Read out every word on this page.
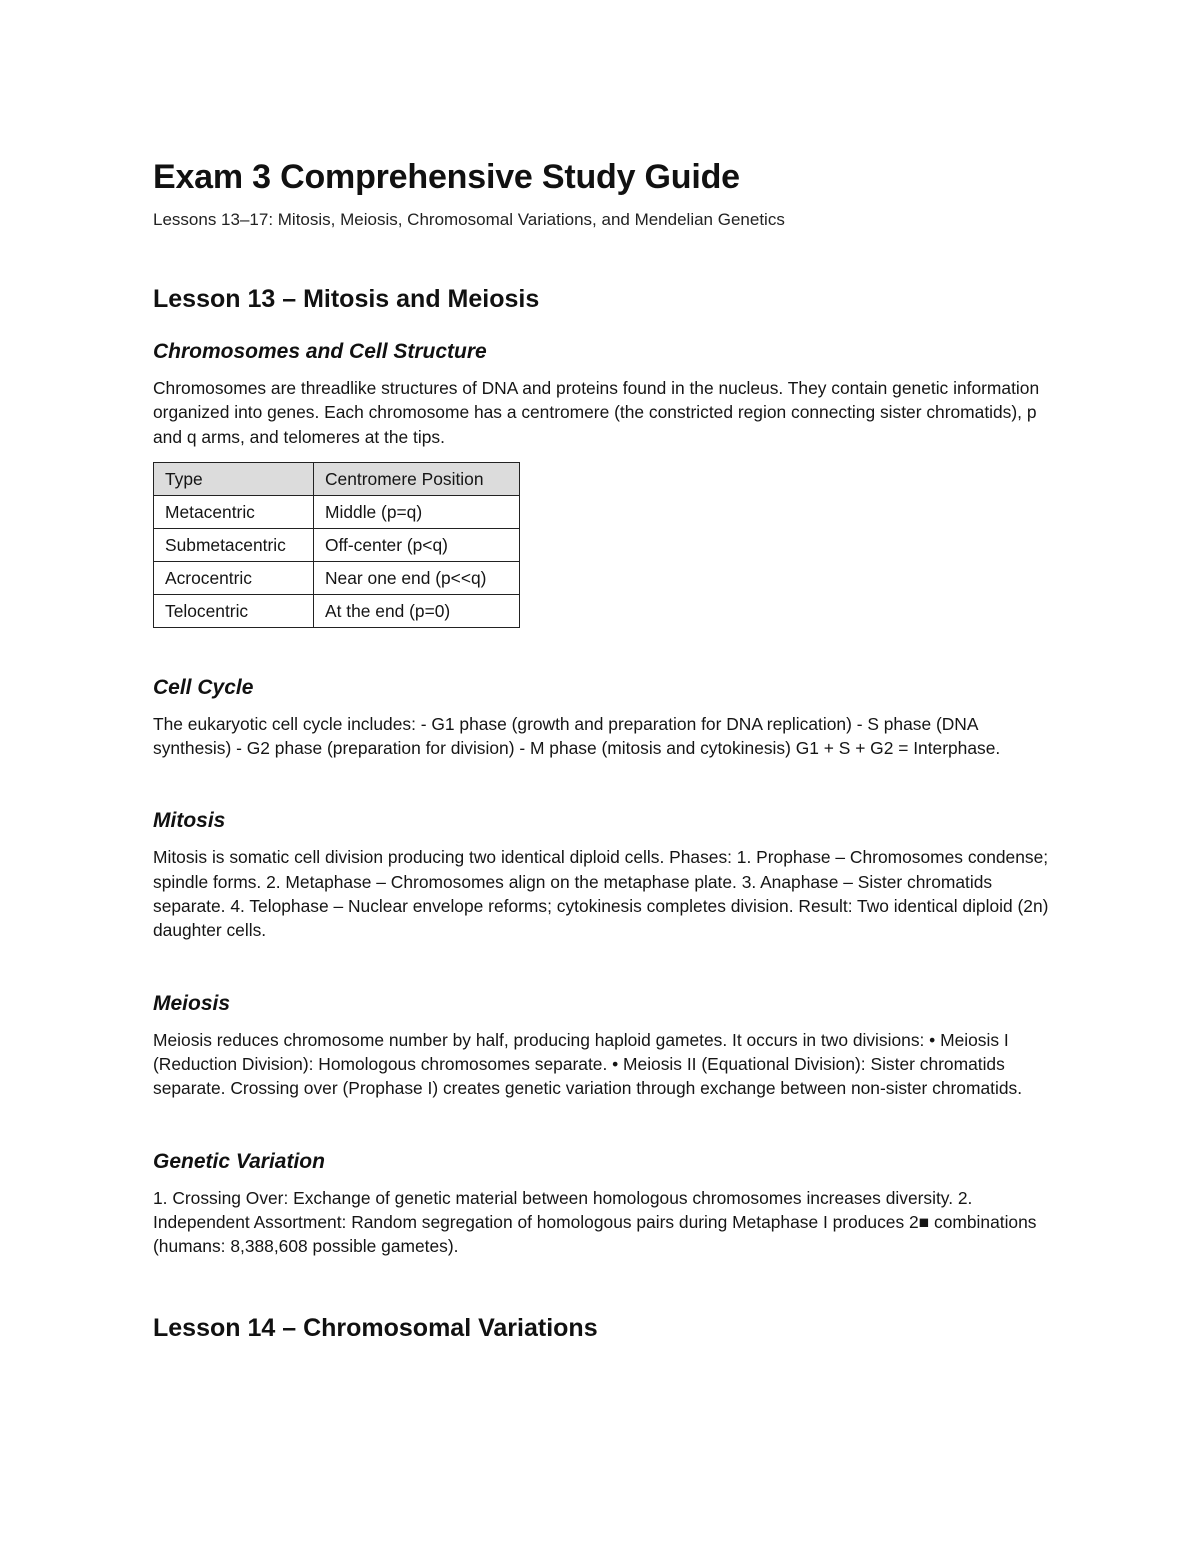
Exam 3 Comprehensive Study Guide

Lessons 13–17: Mitosis, Meiosis, Chromosomal Variations, and Mendelian Genetics

Lesson 13 – Mitosis and Meiosis
Chromosomes and Cell Structure

Chromosomes are threadlike structures of DNA and proteins found in the nucleus. They contain genetic information organized into genes. Each chromosome has a centromere (the constricted region connecting sister chromatids), p and q arms, and telomeres at the tips.

Type	Centromere Position
Metacentric	Middle (p=q)
Submetacentric	Off-center (p<q)
Acrocentric	Near one end (p<<q)
Telocentric	At the end (p=0)
Cell Cycle

The eukaryotic cell cycle includes: - G1 phase (growth and preparation for DNA replication) - S phase (DNA synthesis) - G2 phase (preparation for division) - M phase (mitosis and cytokinesis) G1 + S + G2 = Interphase.

Mitosis

Mitosis is somatic cell division producing two identical diploid cells. Phases: 1. Prophase – Chromosomes condense; spindle forms. 2. Metaphase – Chromosomes align on the metaphase plate. 3. Anaphase – Sister chromatids separate. 4. Telophase – Nuclear envelope reforms; cytokinesis completes division. Result: Two identical diploid (2n) daughter cells.

Meiosis

Meiosis reduces chromosome number by half, producing haploid gametes. It occurs in two divisions: • Meiosis I (Reduction Division): Homologous chromosomes separate. • Meiosis II (Equational Division): Sister chromatids separate. Crossing over (Prophase I) creates genetic variation through exchange between non-sister chromatids.

Genetic Variation

1. Crossing Over: Exchange of genetic material between homologous chromosomes increases diversity. 2. Independent Assortment: Random segregation of homologous pairs during Metaphase I produces 2■ combinations (humans: 8,388,608 possible gametes).

Lesson 14 – Chromosomal Variations
